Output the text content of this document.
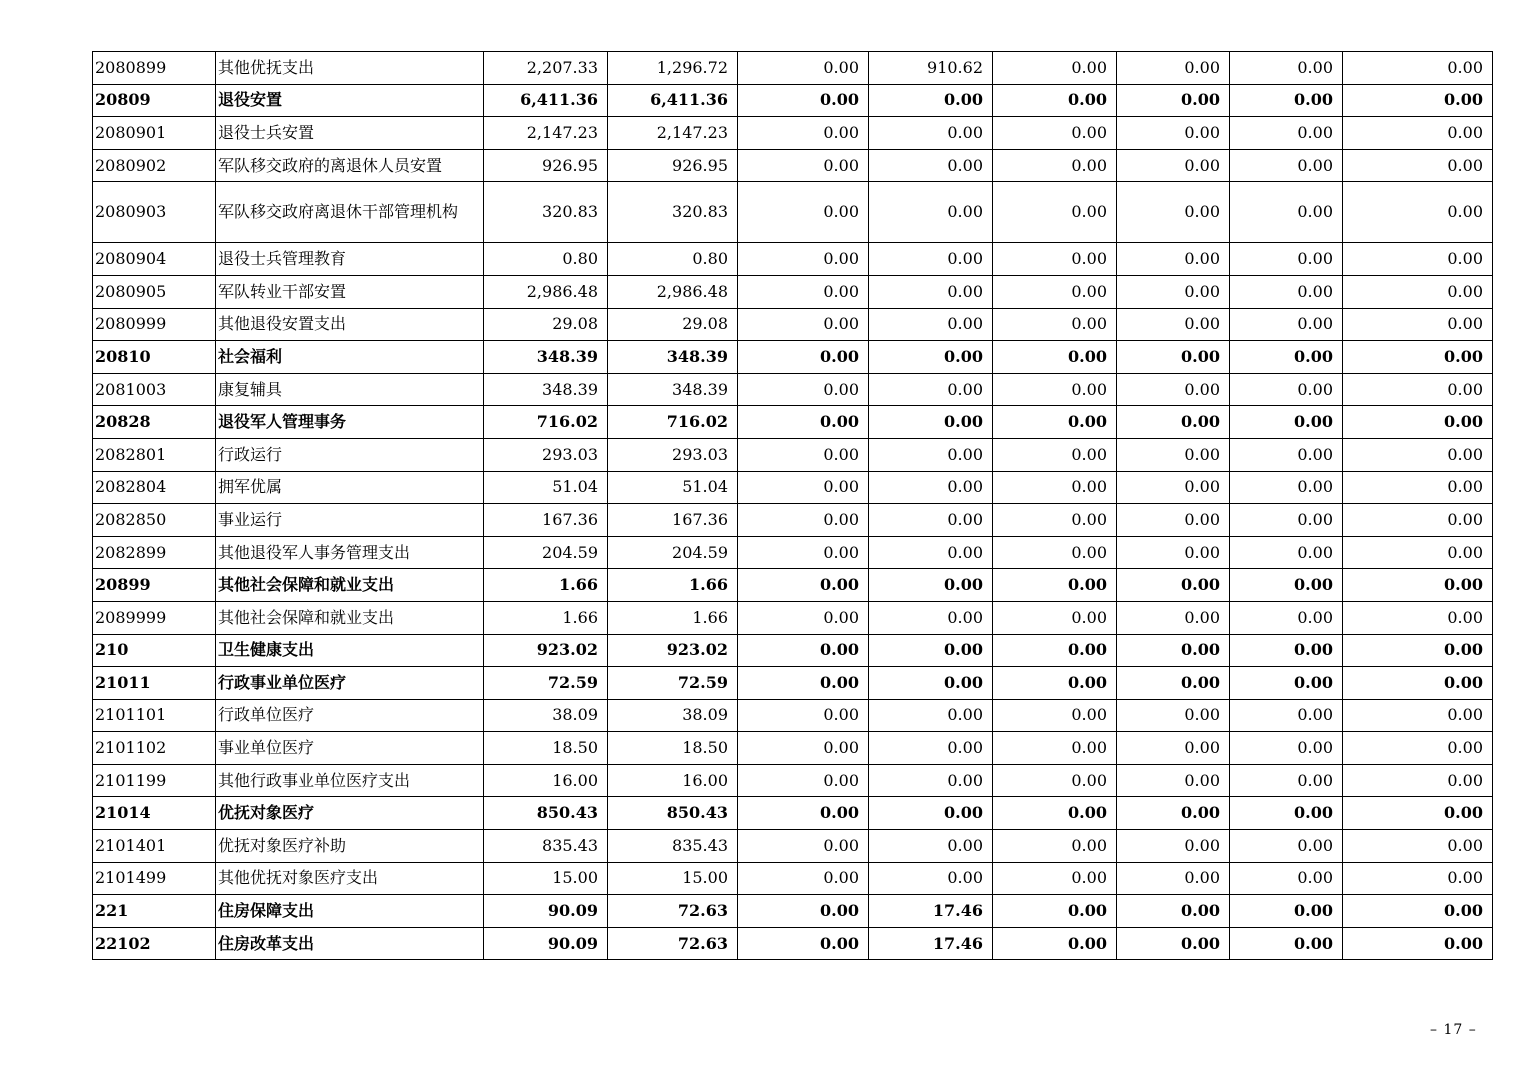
2080899	其他优抚支出	2,207.33	1,296.72	0.00	910.62	0.00	0.00	0.00	0.00
20809	退役安置	6,411.36	6,411.36	0.00	0.00	0.00	0.00	0.00	0.00
2080901	退役士兵安置	2,147.23	2,147.23	0.00	0.00	0.00	0.00	0.00	0.00
2080902	军队移交政府的离退休人员安置	926.95	926.95	0.00	0.00	0.00	0.00	0.00	0.00
2080903	军队移交政府离退休干部管理机构	320.83	320.83	0.00	0.00	0.00	0.00	0.00	0.00
2080904	退役士兵管理教育	0.80	0.80	0.00	0.00	0.00	0.00	0.00	0.00
2080905	军队转业干部安置	2,986.48	2,986.48	0.00	0.00	0.00	0.00	0.00	0.00
2080999	其他退役安置支出	29.08	29.08	0.00	0.00	0.00	0.00	0.00	0.00
20810	社会福利	348.39	348.39	0.00	0.00	0.00	0.00	0.00	0.00
2081003	康复辅具	348.39	348.39	0.00	0.00	0.00	0.00	0.00	0.00
20828	退役军人管理事务	716.02	716.02	0.00	0.00	0.00	0.00	0.00	0.00
2082801	行政运行	293.03	293.03	0.00	0.00	0.00	0.00	0.00	0.00
2082804	拥军优属	51.04	51.04	0.00	0.00	0.00	0.00	0.00	0.00
2082850	事业运行	167.36	167.36	0.00	0.00	0.00	0.00	0.00	0.00
2082899	其他退役军人事务管理支出	204.59	204.59	0.00	0.00	0.00	0.00	0.00	0.00
20899	其他社会保障和就业支出	1.66	1.66	0.00	0.00	0.00	0.00	0.00	0.00
2089999	其他社会保障和就业支出	1.66	1.66	0.00	0.00	0.00	0.00	0.00	0.00
210	卫生健康支出	923.02	923.02	0.00	0.00	0.00	0.00	0.00	0.00
21011	行政事业单位医疗	72.59	72.59	0.00	0.00	0.00	0.00	0.00	0.00
2101101	行政单位医疗	38.09	38.09	0.00	0.00	0.00	0.00	0.00	0.00
2101102	事业单位医疗	18.50	18.50	0.00	0.00	0.00	0.00	0.00	0.00
2101199	其他行政事业单位医疗支出	16.00	16.00	0.00	0.00	0.00	0.00	0.00	0.00
21014	优抚对象医疗	850.43	850.43	0.00	0.00	0.00	0.00	0.00	0.00
2101401	优抚对象医疗补助	835.43	835.43	0.00	0.00	0.00	0.00	0.00	0.00
2101499	其他优抚对象医疗支出	15.00	15.00	0.00	0.00	0.00	0.00	0.00	0.00
221	住房保障支出	90.09	72.63	0.00	17.46	0.00	0.00	0.00	0.00
22102	住房改革支出	90.09	72.63	0.00	17.46	0.00	0.00	0.00	0.00
– 17 –
